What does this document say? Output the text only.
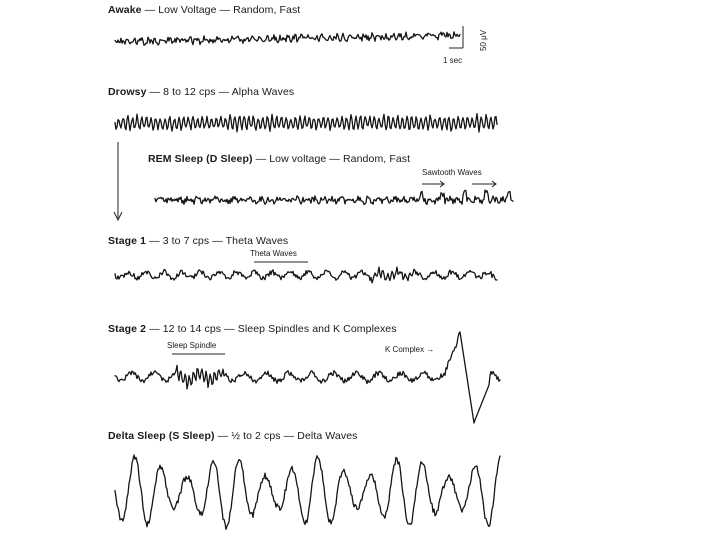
Awake — Low Voltage — Random, Fast
50 μV
1 sec
Drowsy — 8 to 12 cps — Alpha Waves
REM Sleep (D Sleep) — Low voltage — Random, Fast
Sawtooth Waves
Stage 1 — 3 to 7 cps — Theta Waves
Theta Waves
Stage 2 — 12 to 14 cps — Sleep Spindles and K Complexes
Sleep Spindle	K Complex →
Delta Sleep (S Sleep) — ½ to 2 cps — Delta Waves
